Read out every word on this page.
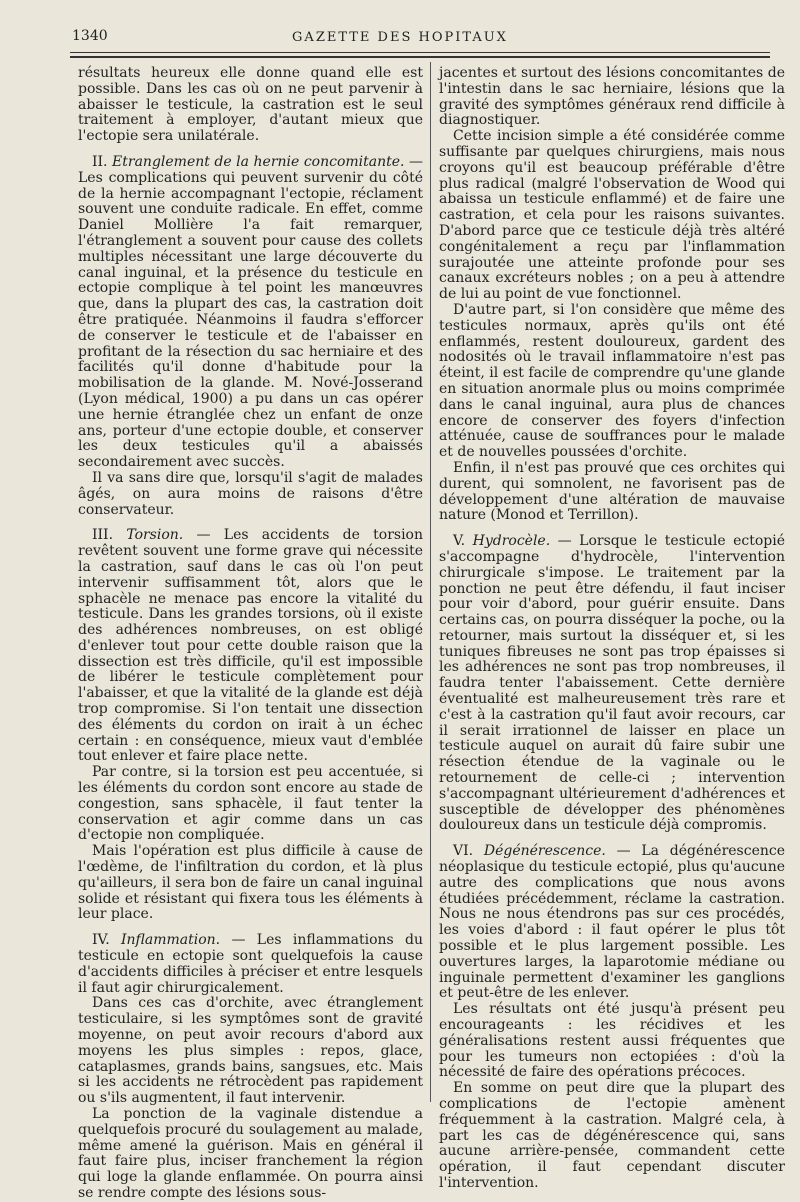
1340	GAZETTE DES HOPITAUX

résultats heureux elle donne quand elle est possible. Dans les cas où on ne peut parvenir à abaisser le testicule, la castration est le seul traitement à employer, d'autant mieux que l'ectopie sera unilatérale.

II. Etranglement de la hernie concomitante. — Les complications qui peuvent survenir du côté de la hernie accompagnant l'ectopie, réclament souvent une conduite radicale. En effet, comme Daniel Mollière l'a fait remarquer, l'étranglement a souvent pour cause des collets multiples nécessitant une large découverte du canal inguinal, et la présence du testicule en ectopie complique à tel point les manœuvres que, dans la plupart des cas, la castration doit être pratiquée. Néanmoins il faudra s'efforcer de conserver le testicule et de l'abaisser en profitant de la résection du sac herniaire et des facilités qu'il donne d'habitude pour la mobilisation de la glande. M. Nové-Josserand (Lyon médical, 1900) a pu dans un cas opérer une hernie étranglée chez un enfant de onze ans, porteur d'une ectopie double, et conserver les deux testicules qu'il a abaissés secondairement avec succès.

Il va sans dire que, lorsqu'il s'agit de malades âgés, on aura moins de raisons d'être conservateur.

III. Torsion. — Les accidents de torsion revêtent souvent une forme grave qui nécessite la castration, sauf dans le cas où l'on peut intervenir suffisamment tôt, alors que le sphacèle ne menace pas encore la vitalité du testicule. Dans les grandes torsions, où il existe des adhérences nombreuses, on est obligé d'enlever tout pour cette double raison que la dissection est très difficile, qu'il est impossible de libérer le testicule complètement pour l'abaisser, et que la vitalité de la glande est déjà trop compromise. Si l'on tentait une dissection des éléments du cordon on irait à un échec certain : en conséquence, mieux vaut d'emblée tout enlever et faire place nette.

Par contre, si la torsion est peu accentuée, si les éléments du cordon sont encore au stade de congestion, sans sphacèle, il faut tenter la conservation et agir comme dans un cas d'ectopie non compliquée.

Mais l'opération est plus difficile à cause de l'œdème, de l'infiltration du cordon, et là plus qu'ailleurs, il sera bon de faire un canal inguinal solide et résistant qui fixera tous les éléments à leur place.

IV. Inflammation. — Les inflammations du testicule en ectopie sont quelquefois la cause d'accidents difficiles à préciser et entre lesquels il faut agir chirurgicalement.

Dans ces cas d'orchite, avec étranglement testiculaire, si les symptômes sont de gravité moyenne, on peut avoir recours d'abord aux moyens les plus simples : repos, glace, cataplasmes, grands bains, sangsues, etc. Mais si les accidents ne rétrocèdent pas rapidement ou s'ils augmentent, il faut intervenir.

La ponction de la vaginale distendue a quelquefois procuré du soulagement au malade, même amené la guérison. Mais en général il faut faire plus, inciser franchement la région qui loge la glande enflammée. On pourra ainsi se rendre compte des lésions sous-

jacentes et surtout des lésions concomitantes de l'intestin dans le sac herniaire, lésions que la gravité des symptômes généraux rend difficile à diagnostiquer.

Cette incision simple a été considérée comme suffisante par quelques chirurgiens, mais nous croyons qu'il est beaucoup préférable d'être plus radical (malgré l'observation de Wood qui abaissa un testicule enflammé) et de faire une castration, et cela pour les raisons suivantes. D'abord parce que ce testicule déjà très altéré congénitalement a reçu par l'inflammation surajoutée une atteinte profonde pour ses canaux excréteurs nobles ; on a peu à attendre de lui au point de vue fonctionnel.

D'autre part, si l'on considère que même des testicules normaux, après qu'ils ont été enflammés, restent douloureux, gardent des nodosités où le travail inflammatoire n'est pas éteint, il est facile de comprendre qu'une glande en situation anormale plus ou moins comprimée dans le canal inguinal, aura plus de chances encore de conserver des foyers d'infection atténuée, cause de souffrances pour le malade et de nouvelles poussées d'orchite.

Enfin, il n'est pas prouvé que ces orchites qui durent, qui somnolent, ne favorisent pas de développement d'une altération de mauvaise nature (Monod et Terrillon).

V. Hydrocèle. — Lorsque le testicule ectopié s'accompagne d'hydrocèle, l'intervention chirurgicale s'impose. Le traitement par la ponction ne peut être défendu, il faut inciser pour voir d'abord, pour guérir ensuite. Dans certains cas, on pourra disséquer la poche, ou la retourner, mais surtout la disséquer et, si les tuniques fibreuses ne sont pas trop épaisses si les adhérences ne sont pas trop nombreuses, il faudra tenter l'abaissement. Cette dernière éventualité est malheureusement très rare et c'est à la castration qu'il faut avoir recours, car il serait irrationnel de laisser en place un testicule auquel on aurait dû faire subir une résection étendue de la vaginale ou le retournement de celle-ci ; intervention s'accompagnant ultérieurement d'adhérences et susceptible de développer des phénomènes douloureux dans un testicule déjà compromis.

VI. Dégénérescence. — La dégénérescence néoplasique du testicule ectopié, plus qu'aucune autre des complications que nous avons étudiées précédemment, réclame la castration. Nous ne nous étendrons pas sur ces procédés, les voies d'abord : il faut opérer le plus tôt possible et le plus largement possible. Les ouvertures larges, la laparotomie médiane ou inguinale permettent d'examiner les ganglions et peut-être de les enlever.

Les résultats ont été jusqu'à présent peu encourageants : les récidives et les généralisations restent aussi fréquentes que pour les tumeurs non ectopiées : d'où la nécessité de faire des opérations précoces.

En somme on peut dire que la plupart des complications de l'ectopie amènent fréquemment à la castration. Malgré cela, à part les cas de dégénérescence qui, sans aucune arrière-pensée, commandent cette opération, il faut cependant discuter l'intervention.
